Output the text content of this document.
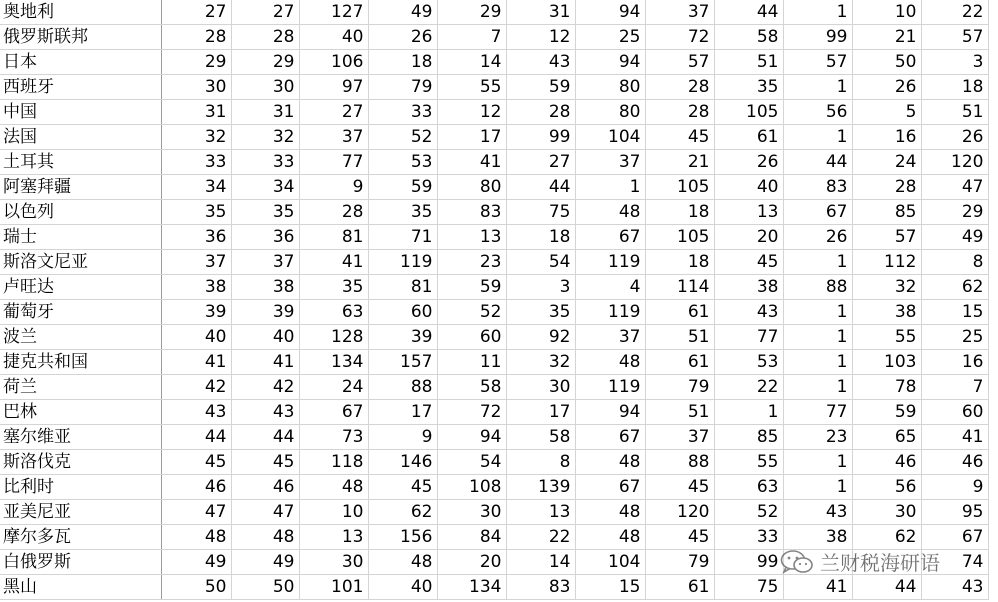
奥地利	27	27	127	49	29	31	94	37	44	1	10	22
俄罗斯联邦	28	28	40	26	7	12	25	72	58	99	21	57
日本	29	29	106	18	14	43	94	57	51	57	50	3
西班牙	30	30	97	79	55	59	80	28	35	1	26	18
中国	31	31	27	33	12	28	80	28	105	56	5	51
法国	32	32	37	52	17	99	104	45	61	1	16	26
土耳其	33	33	77	53	41	27	37	21	26	44	24	120
阿塞拜疆	34	34	9	59	80	44	1	105	40	83	28	47
以色列	35	35	28	35	83	75	48	18	13	67	85	29
瑞士	36	36	81	71	13	18	67	105	20	26	57	49
斯洛文尼亚	37	37	41	119	23	54	119	18	45	1	112	8
卢旺达	38	38	35	81	59	3	4	114	38	88	32	62
葡萄牙	39	39	63	60	52	35	119	61	43	1	38	15
波兰	40	40	128	39	60	92	37	51	77	1	55	25
捷克共和国	41	41	134	157	11	32	48	61	53	1	103	16
荷兰	42	42	24	88	58	30	119	79	22	1	78	7
巴林	43	43	67	17	72	17	94	51	1	77	59	60
塞尔维亚	44	44	73	9	94	58	67	37	85	23	65	41
斯洛伐克	45	45	118	146	54	8	48	88	55	1	46	46
比利时	46	46	48	45	108	139	67	45	63	1	56	9
亚美尼亚	47	47	10	62	30	13	48	120	52	43	30	95
摩尔多瓦	48	48	13	156	84	22	48	45	33	38	62	67
白俄罗斯	49	49	30	48	20	14	104	79	99			74
黑山	50	50	101	40	134	83	15	61	75	41	44	43
兰财税海研语
